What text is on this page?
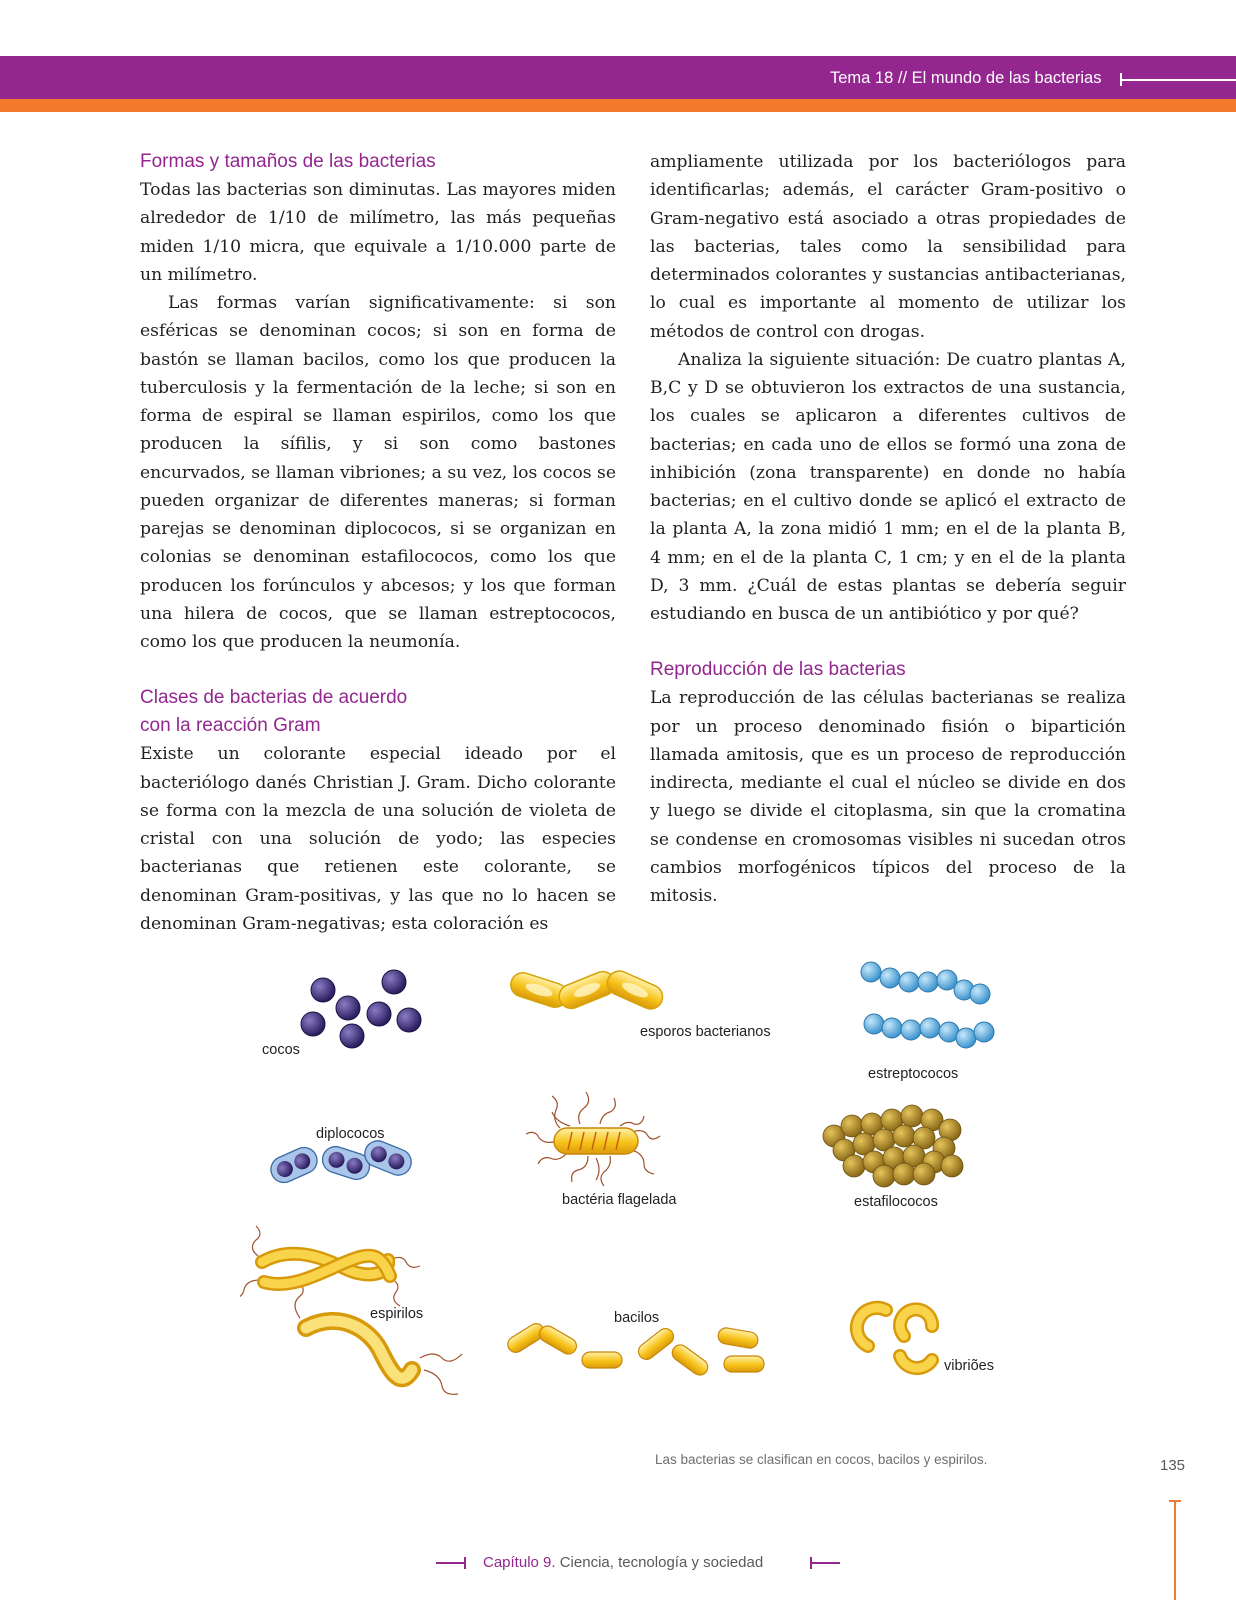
Tema 18 // El mundo de las bacterias
Formas y tamaños de las bacterias

Todas las bacterias son diminutas. Las mayores miden alrededor de 1/10 de milímetro, las más pequeñas miden 1/10 micra, que equivale a 1/10.000 parte de un milímetro.

Las formas varían significativamente: si son esféricas se denominan cocos; si son en forma de bastón se llaman bacilos, como los que producen la tuberculosis y la fermentación de la leche; si son en forma de espiral se llaman espirilos, como los que producen la sífilis, y si son como bastones encurvados, se llaman vibriones; a su vez, los cocos se pueden organizar de diferentes maneras; si forman parejas se denominan diplococos, si se organizan en colonias se denominan estafilococos, como los que producen los forúnculos y abcesos; y los que forman una hilera de cocos, que se llaman estreptococos, como los que producen la neumonía.

Clases de bacterias de acuerdo
con la reacción Gram

Existe un colorante especial ideado por el bacteriólogo danés Christian J. Gram. Dicho colorante se forma con la mezcla de una solución de violeta de cristal con una solución de yodo; las especies bacterianas que retienen este colorante, se denominan Gram-positivas, y las que no lo hacen se denominan Gram-negativas; esta coloración es

ampliamente utilizada por los bacteriólogos para identificarlas; además, el carácter Gram-positivo o Gram-negativo está asociado a otras propiedades de las bacterias, tales como la sensibilidad para determinados colorantes y sustancias antibacterianas, lo cual es importante al momento de utilizar los métodos de control con drogas.

Analiza la siguiente situación: De cuatro plantas A, B,C y D se obtuvieron los extractos de una sustancia, los cuales se aplicaron a diferentes cultivos de bacterias; en cada uno de ellos se formó una zona de inhibición (zona transparente) en donde no había bacterias; en el cultivo donde se aplicó el extracto de la planta A, la zona midió 1 mm; en el de la planta B, 4 mm; en el de la planta C, 1 cm; y en el de la planta D, 3 mm. ¿Cuál de estas plantas se debería seguir estudiando en busca de un antibiótico y por qué?

Reproducción de las bacterias

La reproducción de las células bacterianas se realiza por un proceso denominado fisión o bipartición llamada amitosis, que es un proceso de reproducción indirecta, mediante el cual el núcleo se divide en dos y luego se divide el citoplasma, sin que la cromatina se condense en cromosomas visibles ni sucedan otros cambios morfogénicos típicos del proceso de la mitosis.

cocos
esporos bacterianos
estreptococos
diplococos
bactéria flagelada	estafilococos
espirilos	bacilos
vibriões
Las bacterias se clasifican en cocos, bacilos y espirilos.	135
Capítulo 9. Ciencia, tecnología y sociedad
